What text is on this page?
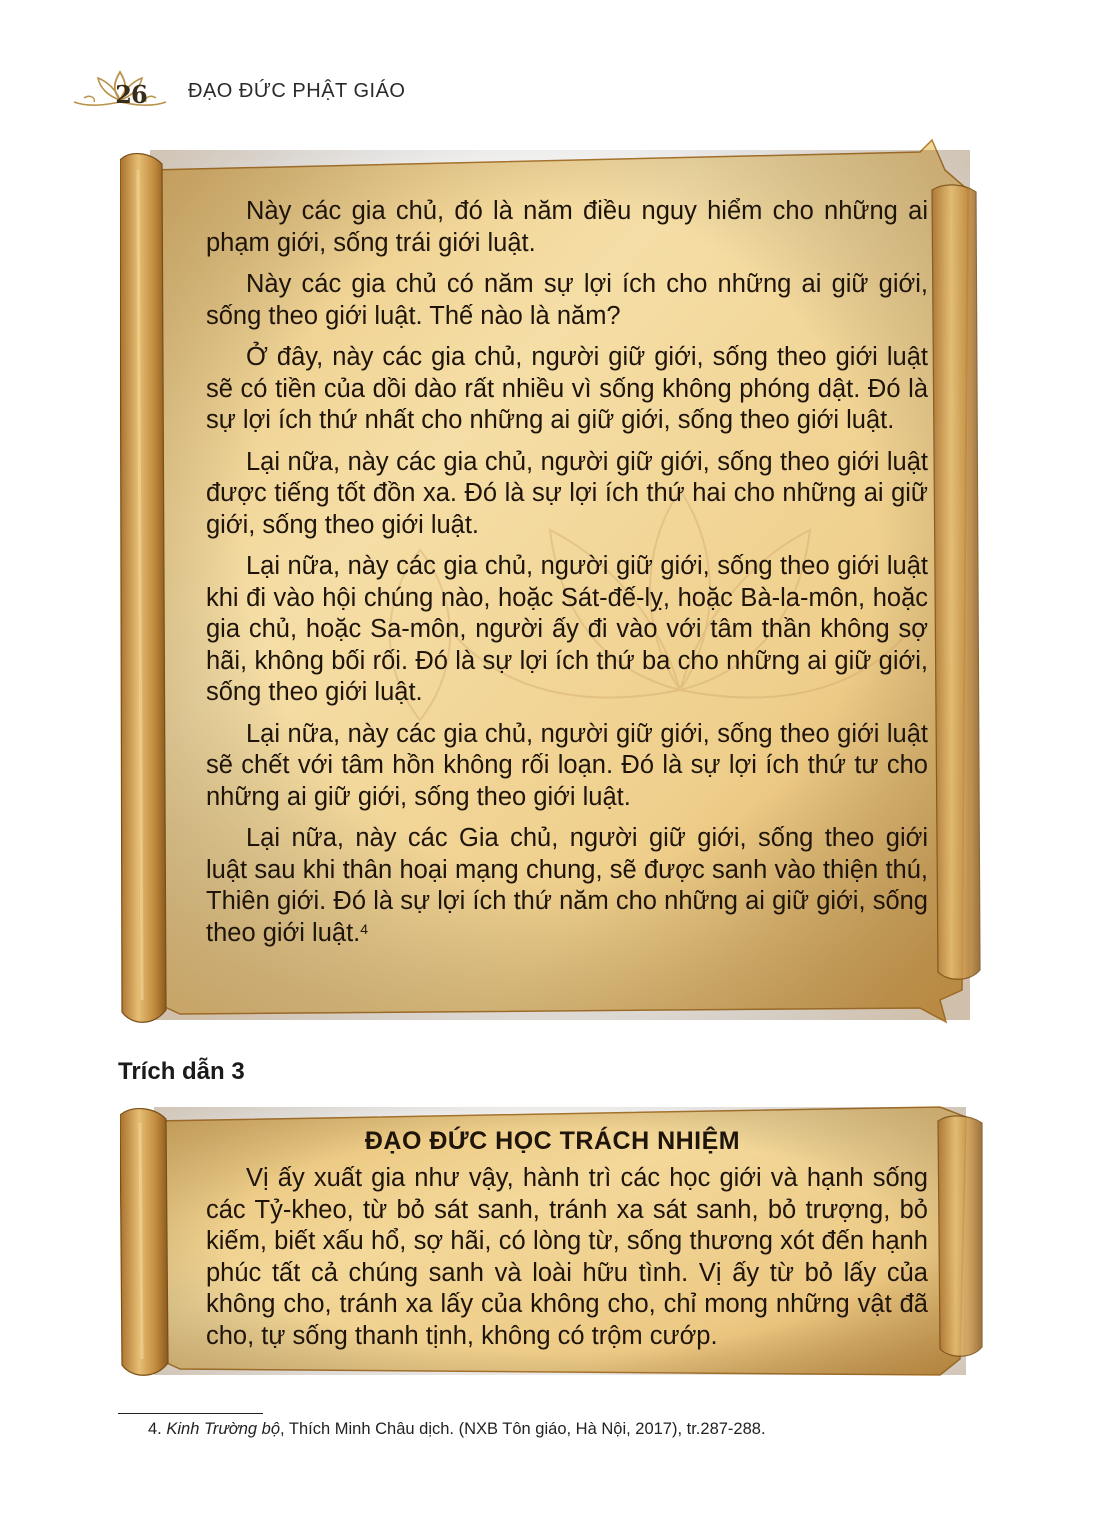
26	ĐẠO ĐỨC PHẬT GIÁO

Này các gia chủ, đó là năm điều nguy hiểm cho những ai phạm giới, sống trái giới luật.

Này các gia chủ có năm sự lợi ích cho những ai giữ giới, sống theo giới luật. Thế nào là năm?

Ở đây, này các gia chủ, người giữ giới, sống theo giới luật sẽ có tiền của dồi dào rất nhiều vì sống không phóng dật. Đó là sự lợi ích thứ nhất cho những ai giữ giới, sống theo giới luật.

Lại nữa, này các gia chủ, người giữ giới, sống theo giới luật được tiếng tốt đồn xa. Đó là sự lợi ích thứ hai cho những ai giữ giới, sống theo giới luật.

Lại nữa, này các gia chủ, người giữ giới, sống theo giới luật khi đi vào hội chúng nào, hoặc Sát-đế-lỵ, hoặc Bà-la-môn, hoặc gia chủ, hoặc Sa-môn, người ấy đi vào với tâm thần không sợ hãi, không bối rối. Đó là sự lợi ích thứ ba cho những ai giữ giới, sống theo giới luật.

Lại nữa, này các gia chủ, người giữ giới, sống theo giới luật sẽ chết với tâm hồn không rối loạn. Đó là sự lợi ích thứ tư cho những ai giữ giới, sống theo giới luật.

Lại nữa, này các Gia chủ, người giữ giới, sống theo giới luật sau khi thân hoại mạng chung, sẽ được sanh vào thiện thú, Thiên giới. Đó là sự lợi ích thứ năm cho những ai giữ giới, sống theo giới luật.$^4$

Trích dẫn 3
ĐẠO ĐỨC HỌC TRÁCH NHIỆM

Vị ấy xuất gia như vậy, hành trì các học giới và hạnh sống các Tỷ-kheo, từ bỏ sát sanh, tránh xa sát sanh, bỏ trượng, bỏ kiếm, biết xấu hổ, sợ hãi, có lòng từ, sống thương xót đến hạnh phúc tất cả chúng sanh và loài hữu tình. Vị ấy từ bỏ lấy của không cho, tránh xa lấy của không cho, chỉ mong những vật đã cho, tự sống thanh tịnh, không có trộm cướp.

4. Kinh Trường bộ, Thích Minh Châu dịch. (NXB Tôn giáo, Hà Nội, 2017), tr.287-288.
